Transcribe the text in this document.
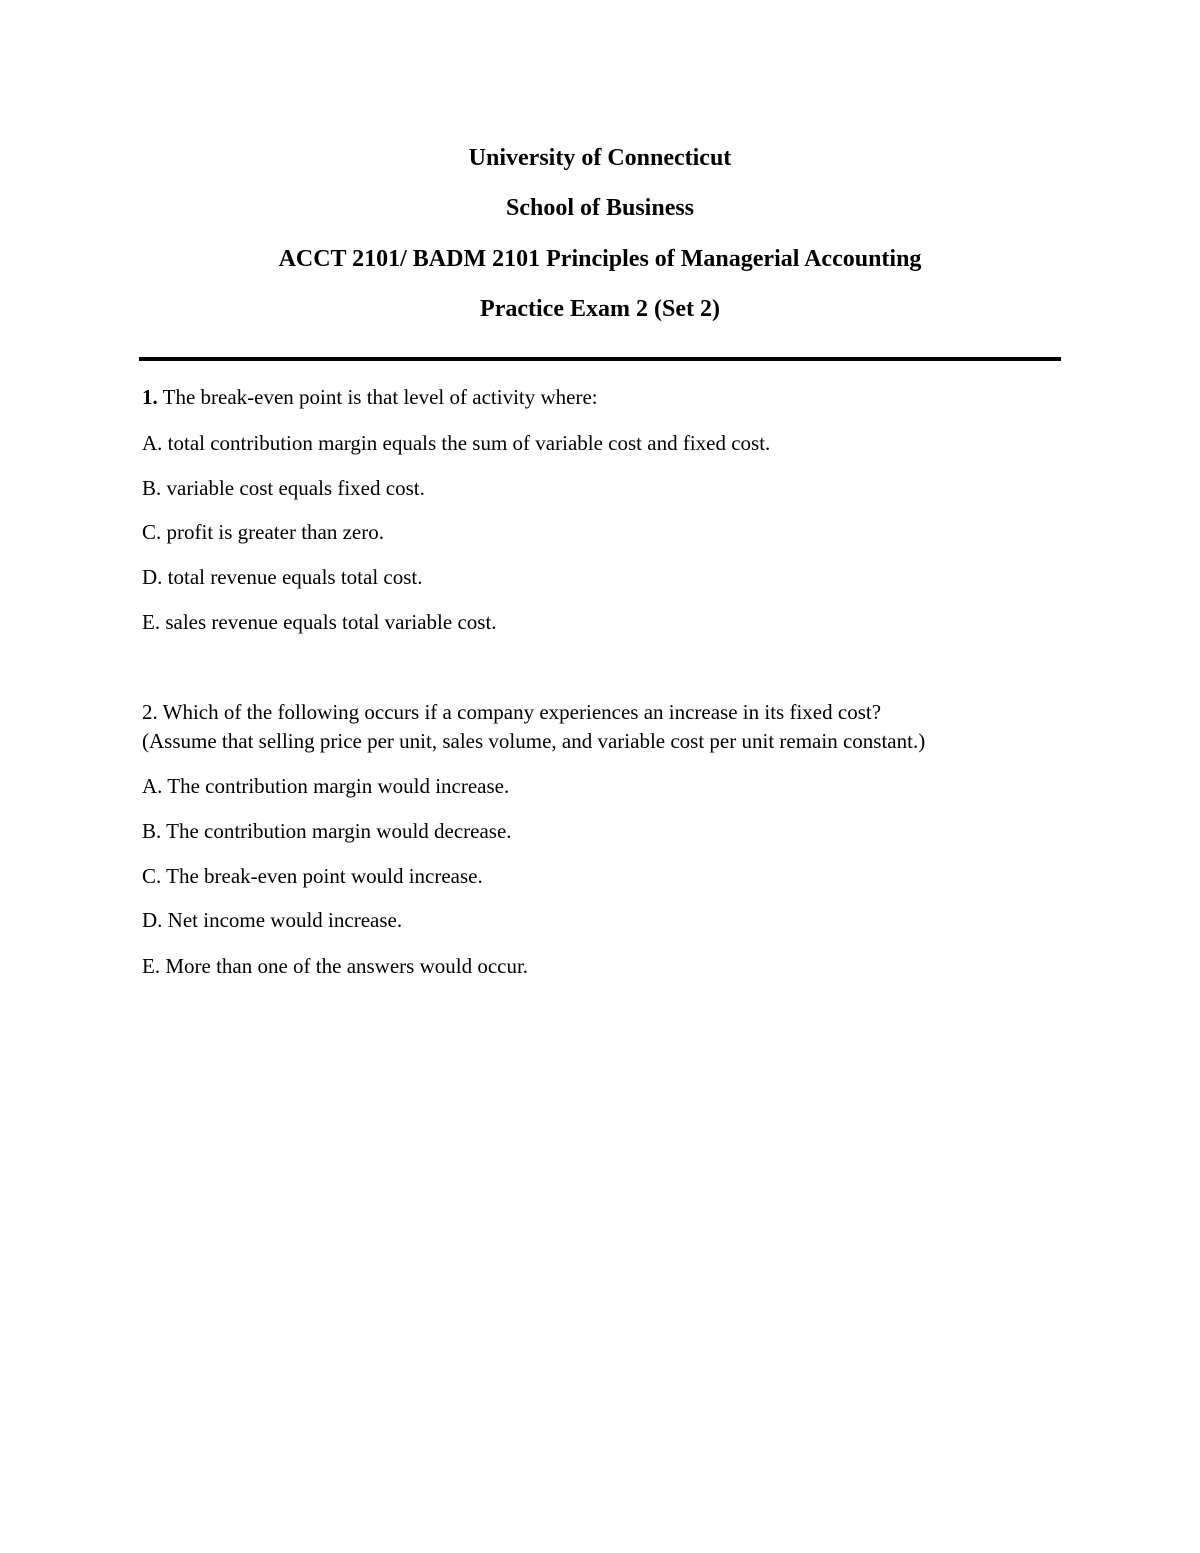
University of Connecticut
School of Business
ACCT 2101/ BADM 2101 Principles of Managerial Accounting
Practice Exam 2 (Set 2)
1. The break-even point is that level of activity where:
A. total contribution margin equals the sum of variable cost and fixed cost.
B. variable cost equals fixed cost.
C. profit is greater than zero.
D. total revenue equals total cost.
E. sales revenue equals total variable cost.
2. Which of the following occurs if a company experiences an increase in its fixed cost?
(Assume that selling price per unit, sales volume, and variable cost per unit remain constant.)
A. The contribution margin would increase.
B. The contribution margin would decrease.
C. The break-even point would increase.
D. Net income would increase.
E. More than one of the answers would occur.
